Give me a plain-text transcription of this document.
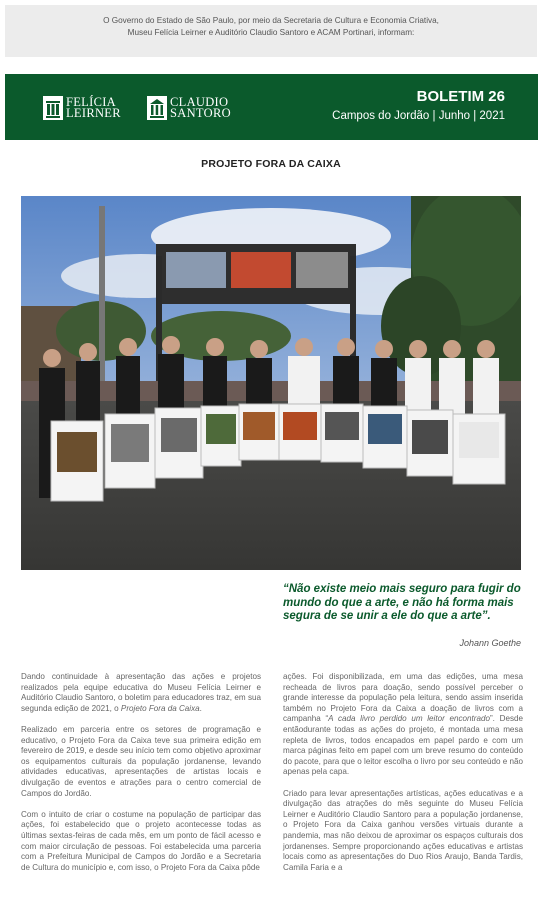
O Governo do Estado de São Paulo, por meio da Secretaria de Cultura e Economia Criativa,
Museu Felícia Leirner e Auditório Claudio Santoro e ACAM Portinari, informam:

FELÍCIA
LEIRNER
CLAUDIO
SANTORO
BOLETIM 26
Campos do Jordão | Junho | 2021
PROJETO FORA DA CAIXA
“Não existe meio mais seguro para fugir do mundo do que a arte, e não há forma mais segura de se unir a ele do que a arte”.
Johann Goethe

Dando continuidade à apresentação das ações e projetos realizados pela equipe educativa do Museu Felícia Leirner e Auditório Claudio Santoro, o boletim para educadores traz, em sua segunda edição de 2021, o Projeto Fora da Caixa.

Realizado em parceria entre os setores de programação e educativo, o Projeto Fora da Caixa teve sua primeira edição em fevereiro de 2019, e desde seu início tem como objetivo aproximar os equipamentos culturais da população jordanense, levando atividades educativas, apresentações de artistas locais e divulgação de eventos e atrações para o centro comercial de Campos do Jordão.

Com o intuito de criar o costume na população de participar das ações, foi estabelecido que o projeto acontecesse todas as últimas sextas-feiras de cada mês, em um ponto de fácil acesso e com maior circulação de pessoas. Foi estabelecida uma parceria com a Prefeitura Municipal de Campos do Jordão e a Secretaria de Cultura do município e, com isso, o Projeto Fora da Caixa pôde

ações. Foi disponibilizada, em uma das edições, uma mesa recheada de livros para doação, sendo possível perceber o grande interesse da população pela leitura, sendo assim inserida também no Projeto Fora da Caixa a doação de livros com a campanha “A cada livro perdido um leitor encontrado”. Desde entãodurante todas as ações do projeto, é montada uma mesa repleta de livros, todos encapados em papel pardo e com um marca páginas feito em papel com um breve resumo do conteúdo do pacote, para que o leitor escolha o livro por seu conteúdo e não apenas pela capa.

Criado para levar apresentações artísticas, ações educativas e a divulgação das atrações do mês seguinte do Museu Felícia Leirner e Auditório Claudio Santoro para a população jordanense, o Projeto Fora da Caixa ganhou versões virtuais durante a pandemia, mas não deixou de aproximar os espaços culturais dos jordanenses. Sempre proporcionando ações educativas e artistas locais como as apresentações do Duo Rios Araujo, Banda Tardis, Camila Faria e a
